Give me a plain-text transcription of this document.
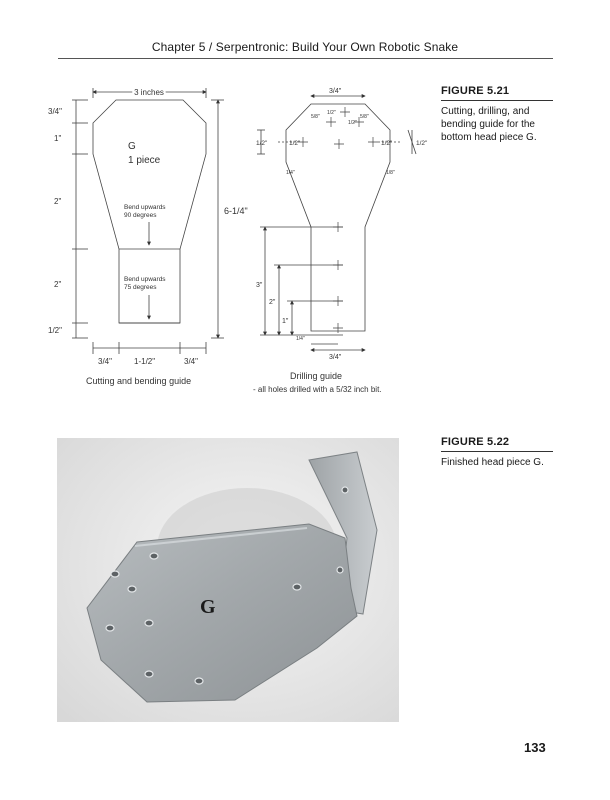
Chapter 5 / Serpentronic: Build Your Own Robotic Snake
3 inches
3/4"
1"
2"
2"
1/2"
6-1/4"
3/4"	1-1/2"	3/4"
G
1 piece
Bend upwards
90 degrees
Bend upwards
75 degrees
Cutting and bending guide
3/4"
5/8"
1/2"
1/2"
5/8"
1/2"	1/2"	1/2"	1/2"
1/4"	1/8"
3"
2"
1"
1/4"
3/4"
Drilling guide
- all holes drilled with a 5/32 inch bit.
FIGURE 5.21
Cutting, drilling, and bending guide for the bottom head piece G.
G
FIGURE 5.22
Finished head piece G.
133
